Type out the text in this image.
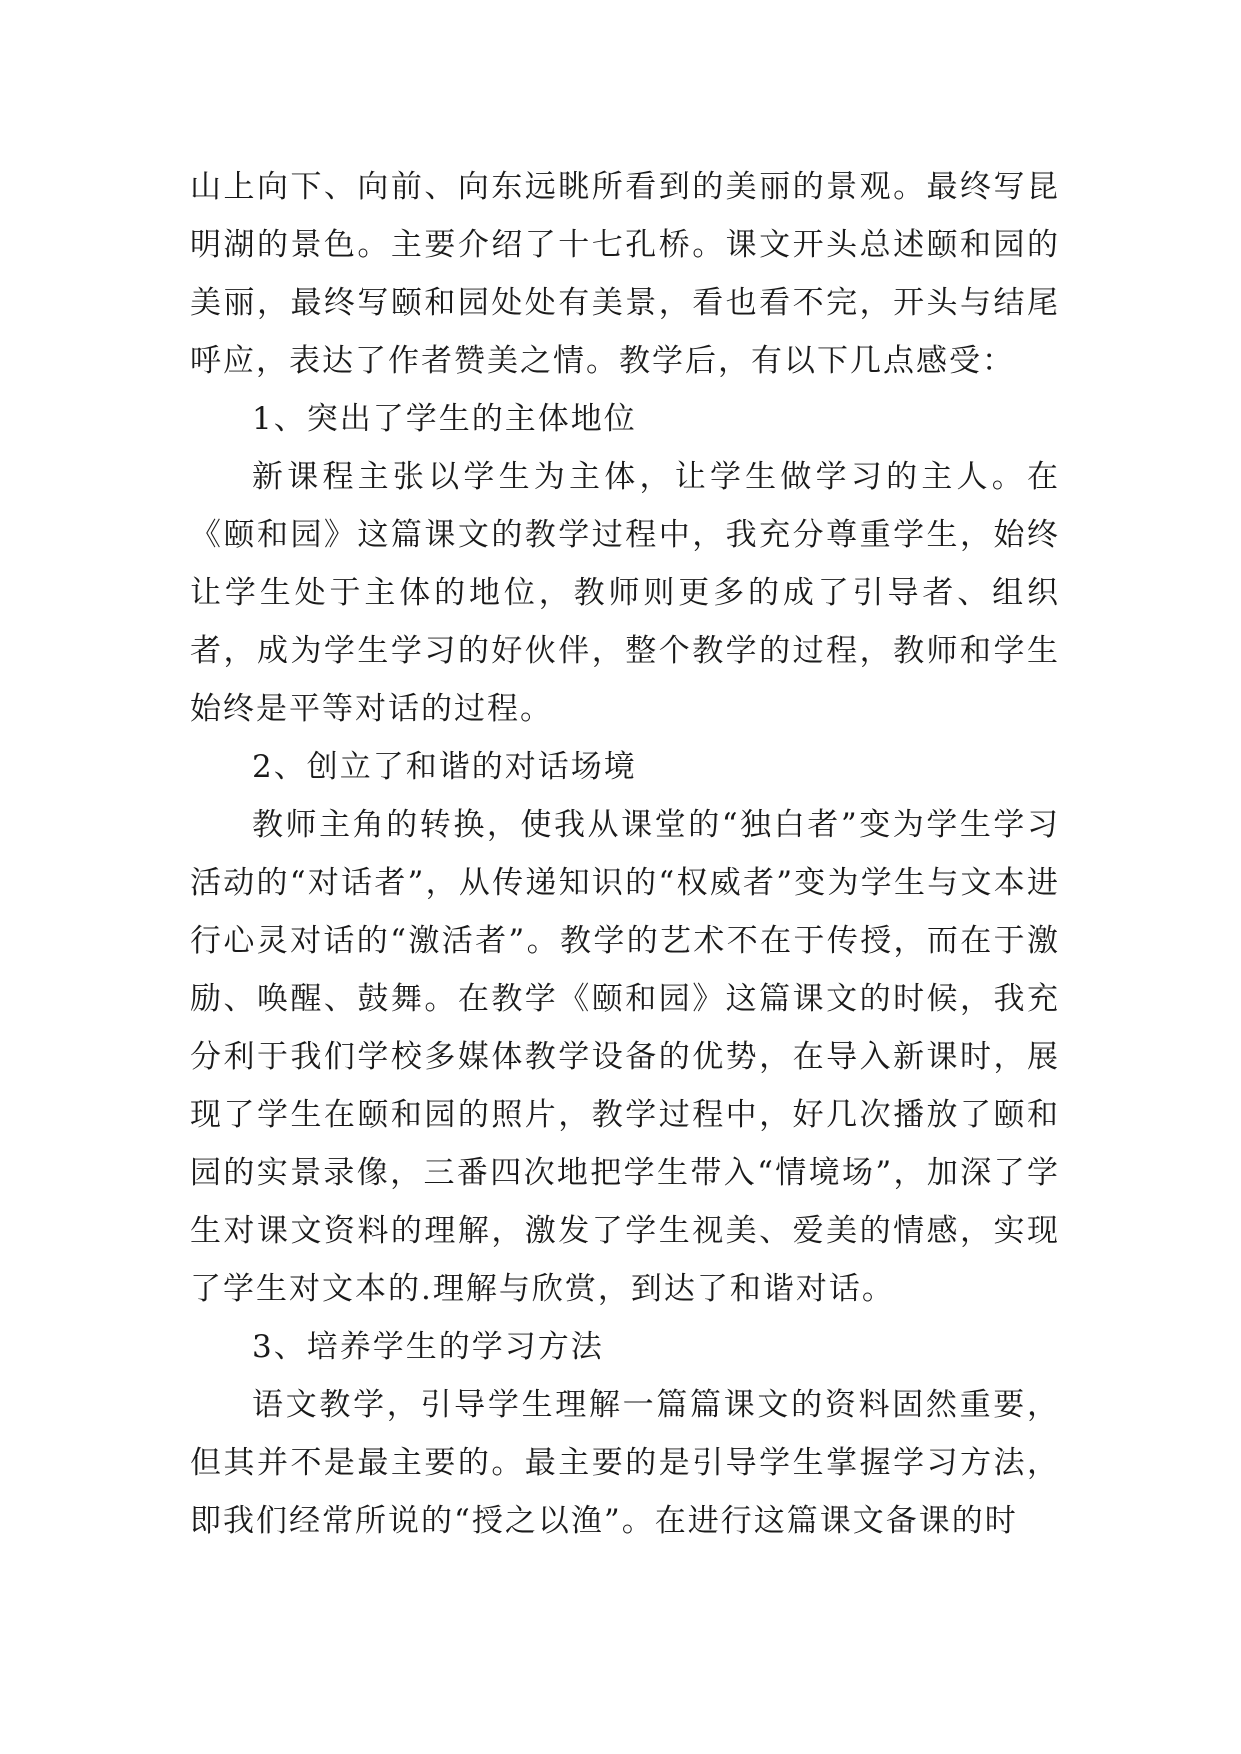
山上向下、向前、向东远眺所看到的美丽的景观。最终写昆明湖的景色。主要介绍了十七孔桥。课文开头总述颐和园的美丽，最终写颐和园处处有美景，看也看不完，开头与结尾呼应，表达了作者赞美之情。教学后，有以下几点感受：

1、突出了学生的主体地位

新课程主张以学生为主体，让学生做学习的主人。在《颐和园》这篇课文的教学过程中，我充分尊重学生，始终让学生处于主体的地位，教师则更多的成了引导者、组织者，成为学生学习的好伙伴，整个教学的过程，教师和学生始终是平等对话的过程。

2、创立了和谐的对话场境

教师主角的转换，使我从课堂的“独白者”变为学生学习活动的“对话者”，从传递知识的“权威者”变为学生与文本进行心灵对话的“激活者”。教学的艺术不在于传授，而在于激励、唤醒、鼓舞。在教学《颐和园》这篇课文的时候，我充分利于我们学校多媒体教学设备的优势，在导入新课时，展现了学生在颐和园的照片，教学过程中，好几次播放了颐和园的实景录像，三番四次地把学生带入“情境场”，加深了学生对课文资料的理解，激发了学生视美、爱美的情感，实现了学生对文本的.理解与欣赏，到达了和谐对话。

3、培养学生的学习方法

语文教学，引导学生理解一篇篇课文的资料固然重要，但其并不是最主要的。最主要的是引导学生掌握学习方法，即我们经常所说的“授之以渔”。在进行这篇课文备课的时
